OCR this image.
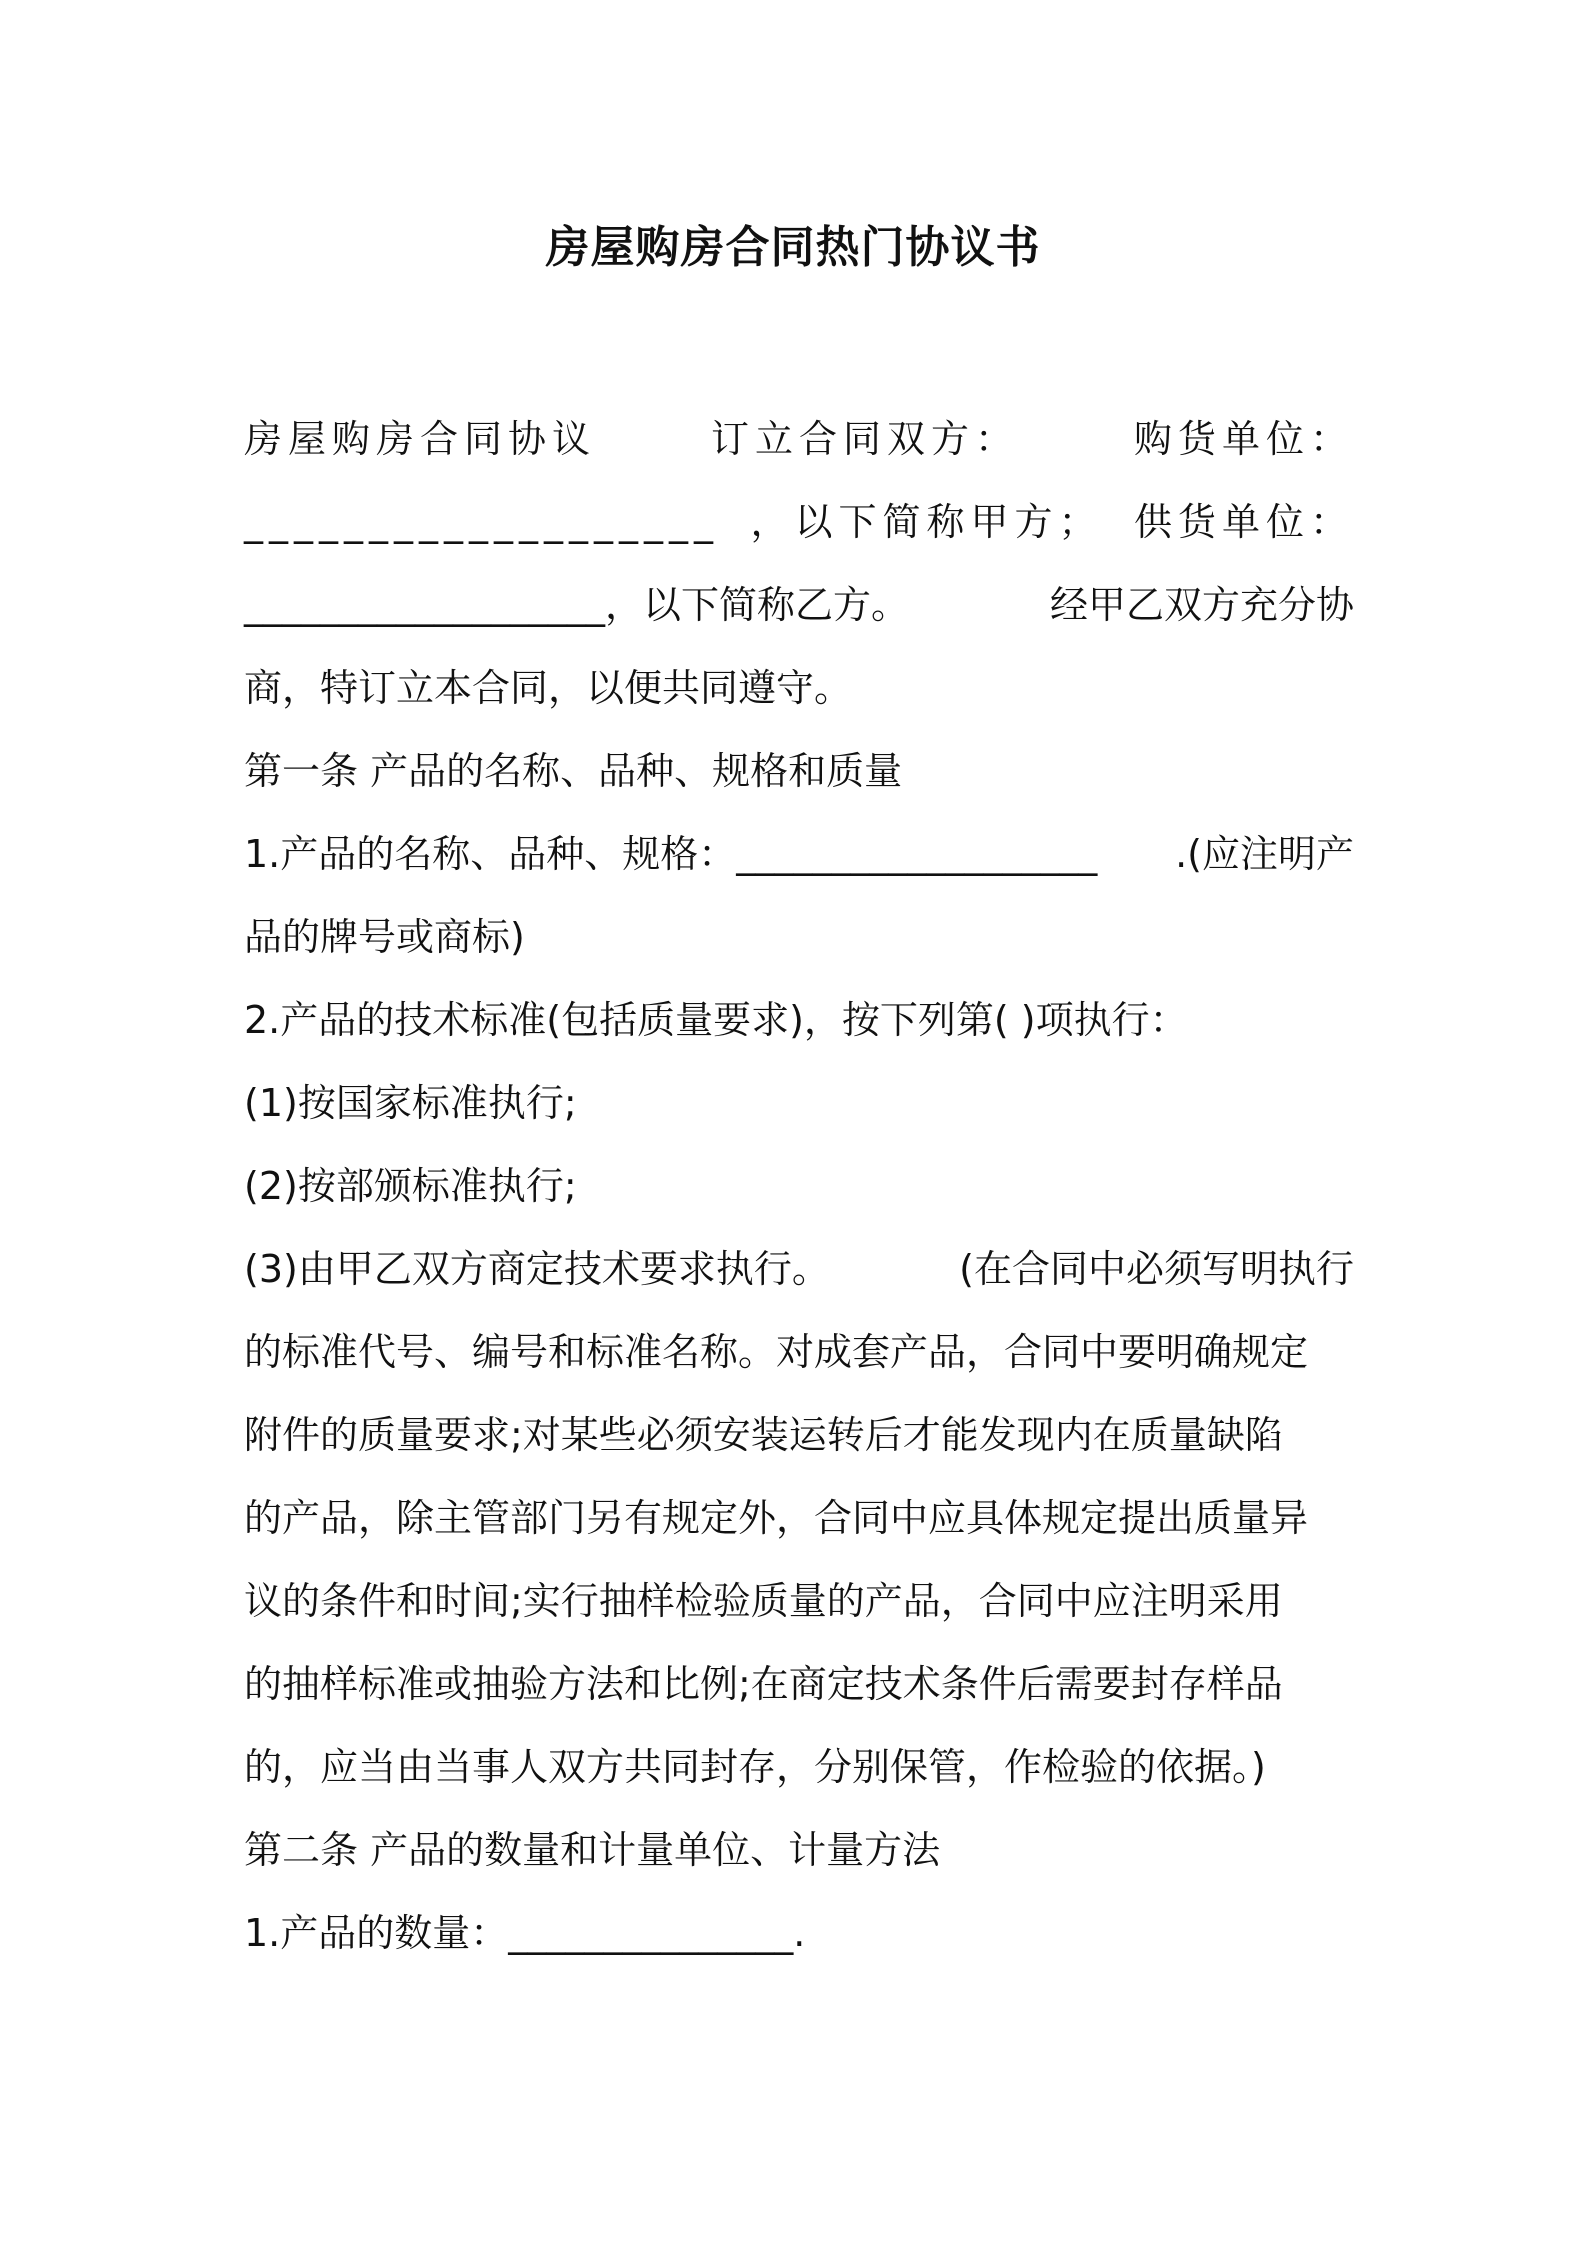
房屋购房合同热门协议书
房屋购房合同协议	订立合同双方：	购货单位：
___________________ ，以下简称甲方； 供货单位：
___________________，以下简称乙方。	经甲乙双方充分协
商，特订立本合同，以便共同遵守。
第一条 产品的名称、品种、规格和质量
1.产品的名称、品种、规格：___________________ .(应注明产
品的牌号或商标)
2.产品的技术标准(包括质量要求)，按下列第( )项执行：
(1)按国家标准执行;
(2)按部颁标准执行;
(3)由甲乙双方商定技术要求执行。	(在合同中必须写明执行
的标准代号、编号和标准名称。对成套产品，合同中要明确规定
附件的质量要求;对某些必须安装运转后才能发现内在质量缺陷
的产品，除主管部门另有规定外，合同中应具体规定提出质量异
议的条件和时间;实行抽样检验质量的产品，合同中应注明采用
的抽样标准或抽验方法和比例;在商定技术条件后需要封存样品
的，应当由当事人双方共同封存，分别保管，作检验的依据。)
第二条 产品的数量和计量单位、计量方法
1.产品的数量：_______________.
